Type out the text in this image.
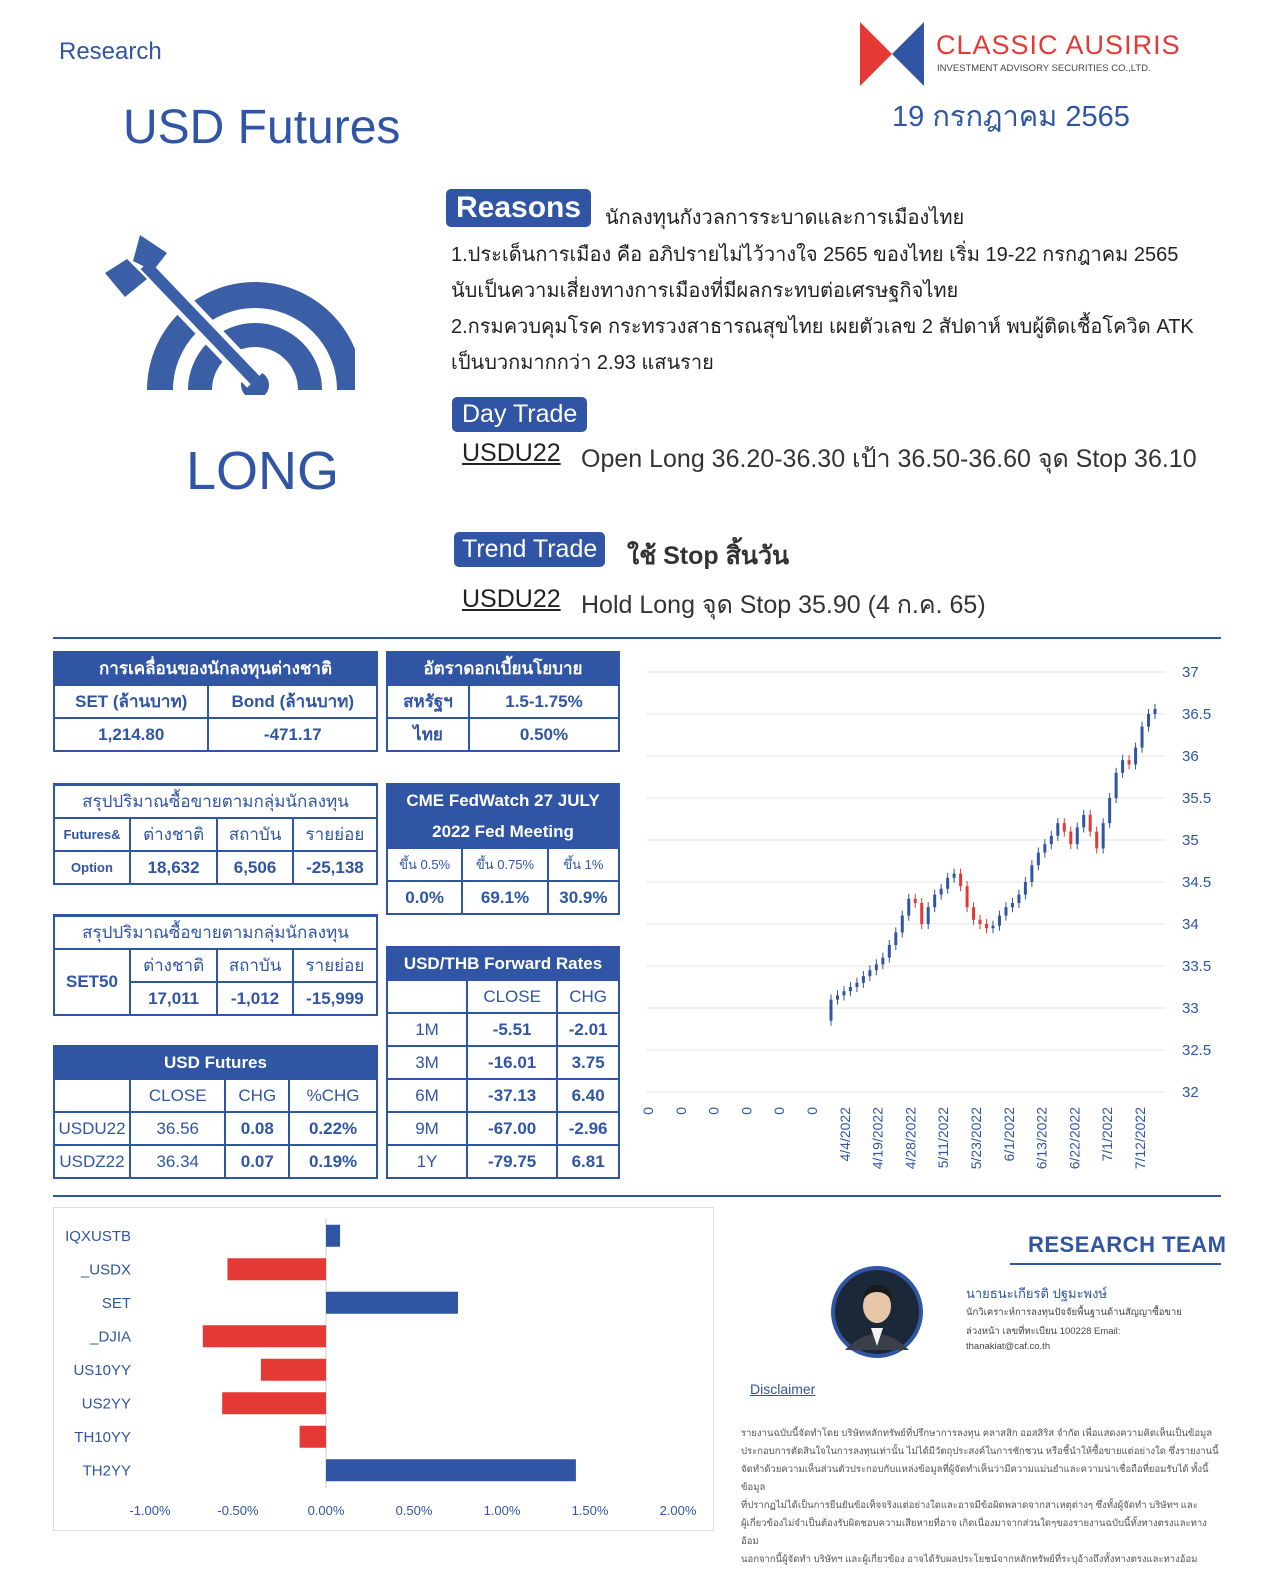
Research
USD Futures
CLASSIC AUSIRIS
INVESTMENT ADVISORY SECURITIES CO.,LTD.
19 กรกฎาคม 2565
LONG
Reasons	นักลงทุนกังวลการระบาดและการเมืองไทย
1.ประเด็นการเมือง คือ อภิปรายไม่ไว้วางใจ 2565 ของไทย เริ่ม 19-22 กรกฎาคม 2565
นับเป็นความเสี่ยงทางการเมืองที่มีผลกระทบต่อเศรษฐกิจไทย
2.กรมควบคุมโรค กระทรวงสาธารณสุขไทย เผยตัวเลข 2 สัปดาห์ พบผู้ติดเชื้อโควิด ATK
เป็นบวกมากกว่า 2.93 แสนราย
Day Trade
USDU22 Open Long 36.20-36.30 เป้า 36.50-36.60 จุด Stop 36.10
Trend Trade	ใช้ Stop สิ้นวัน
USDU22 Hold Long จุด Stop 35.90 (4 ก.ค. 65)
การเคลื่อนของนักลงทุนต่างชาติ	
SET (ล้านบาท)	Bond (ล้านบาท)
1,214.80	-471.17
อัตราดอกเบี้ยนโยบาย	
สหรัฐฯ	1.5-1.75%
ไทย	0.50%
สรุปปริมาณซื้อขายตามกลุ่มนักลงทุน			
Futures&	ต่างชาติ	สถาบัน	รายย่อย
Option	18,632	6,506	-25,138
CME FedWatch 27 JULY		
2022 Fed Meeting		
ขึ้น 0.5%	ขึ้น 0.75%	ขึ้น 1%
0.0%	69.1%	30.9%
สรุปปริมาณซื้อขายตามกลุ่มนักลงทุน			
SET50	ต่างชาติ	สถาบัน	รายย่อย
	17,011	-1,012	-15,999
USD/THB Forward Rates		
	CLOSE	CHG
1M	-5.51	-2.01
3M	-16.01	3.75
6M	-37.13	6.40
9M	-67.00	-2.96
1Y	-79.75	6.81
USD Futures			
	CLOSE	CHG	%CHG
USDU22	36.56	0.08	0.22%
USDZ22	36.34	0.07	0.19%
37
36.5
36
35.5
35
34.5
34
33.5
33
32.5
32
0 0 0 0 0 0 4/4/2022 4/19/2022 4/28/2022 5/11/2022 5/23/2022 6/1/2022 6/13/2022 6/22/2022 7/1/2022 7/12/2022
IQXUSTB
_USDX
SET
_DJIA
US10YY
US2YY
TH10YY
TH2YY
-1.00%	-0.50%	0.00%	0.50%	1.00%	1.50%	2.00%
RESEARCH TEAM
นายธนะเกียรติ ปฐมะพงษ์
นักวิเคราะห์การลงทุนปัจจัยพื้นฐานด้านสัญญาซื้อขาย
ล่วงหน้า เลขที่ทะเบียน 100228 Email:
thanakiat@caf.co.th
Disclaimer
รายงานฉบับนี้จัดทำโดย บริษัทหลักทรัพย์ที่ปรึกษาการลงทุน คลาสสิก ออสสิริส จำกัด เพื่อแสดงความคิดเห็นเป็นข้อมูล
ประกอบการตัดสินใจในการลงทุนเท่านั้น ไม่ได้มีวัตถุประสงค์ในการชักชวน หรือชี้นำให้ซื้อขายแต่อย่างใด ซึ่งรายงานนี้
จัดทำด้วยความเห็นส่วนตัวประกอบกับแหล่งข้อมูลที่ผู้จัดทำเห็นว่ามีความแม่นยำและความน่าเชื่อถือที่ยอมรับได้ ทั้งนี้ข้อมูล
ที่ปรากฏไม่ได้เป็นการยืนยันข้อเท็จจริงแต่อย่างใดและอาจมีข้อผิดพลาดจากสาเหตุต่างๆ ซึ่งทั้งผู้จัดทำ บริษัทฯ และ
ผู้เกี่ยวข้องไม่จำเป็นต้องรับผิดชอบความเสียหายที่อาจ เกิดเนื่องมาจากส่วนใดๆของรายงานฉบับนี้ทั้งทางตรงและทางอ้อม
นอกจากนี้ผู้จัดทำ บริษัทฯ และผู้เกี่ยวข้อง อาจได้รับผลประโยชน์จากหลักทรัพย์ที่ระบุอ้างถึงทั้งทางตรงและทางอ้อม
